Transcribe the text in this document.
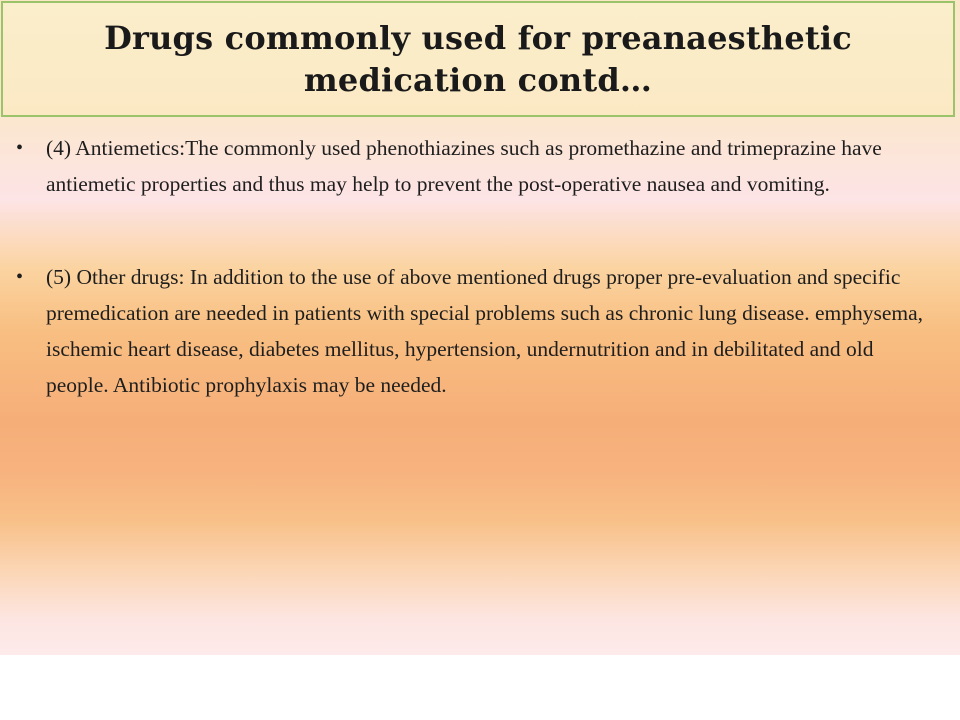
Drugs commonly used for preanaesthetic
medication contd…
• (4) Antiemetics:The commonly used phenothiazines such as promethazine and trimeprazine have antiemetic properties and thus may help to prevent the post-operative nausea and vomiting.
• (5) Other drugs: In addition to the use of above mentioned drugs proper pre-evaluation and specific premedication are needed in patients with special problems such as chronic lung disease. emphysema, ischemic heart disease, diabetes mellitus, hypertension, undernutrition and in debilitated and old people. Antibiotic prophylaxis may be needed.
